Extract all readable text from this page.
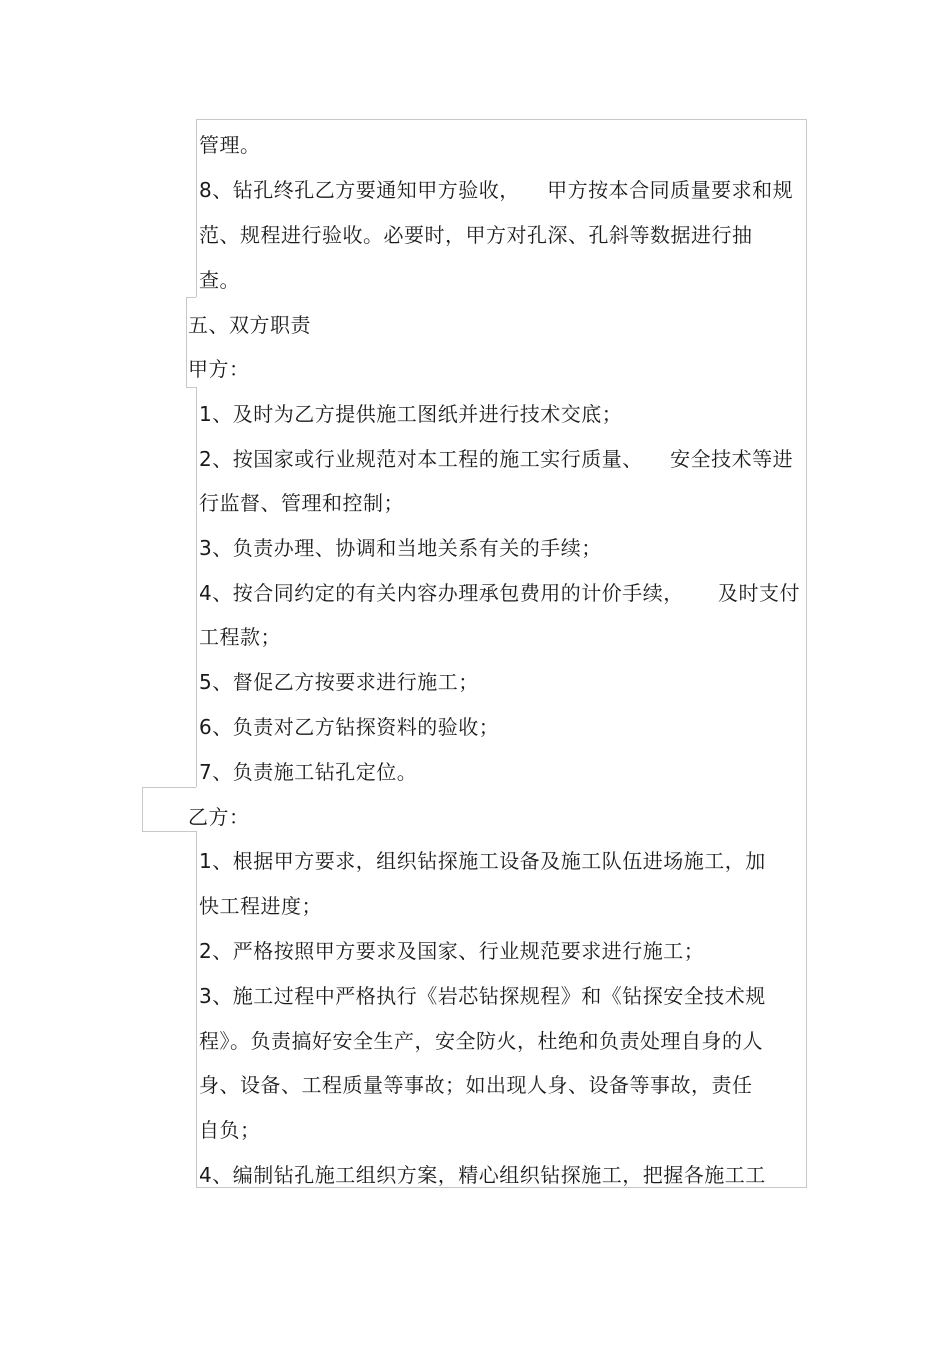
管理。
8、钻孔终孔乙方要通知甲方验收，    甲方按本合同质量要求和规
范、规程进行验收。必要时，甲方对孔深、孔斜等数据进行抽
查。
五、双方职责
甲方：
1、及时为乙方提供施工图纸并进行技术交底；
2、按国家或行业规范对本工程的施工实行质量、    安全技术等进
行监督、管理和控制；
3、负责办理、协调和当地关系有关的手续；
4、按合同约定的有关内容办理承包费用的计价手续，     及时支付
工程款；
5、督促乙方按要求进行施工；
6、负责对乙方钻探资料的验收；
7、负责施工钻孔定位。
乙方：
1、根据甲方要求，组织钻探施工设备及施工队伍进场施工，加
快工程进度；
2、严格按照甲方要求及国家、行业规范要求进行施工；
3、施工过程中严格执行《岩芯钻探规程》和《钻探安全技术规
程》。负责搞好安全生产，安全防火，杜绝和负责处理自身的人
身、设备、工程质量等事故；如出现人身、设备等事故，责任
自负；
4、编制钻孔施工组织方案，精心组织钻探施工，把握各施工工
